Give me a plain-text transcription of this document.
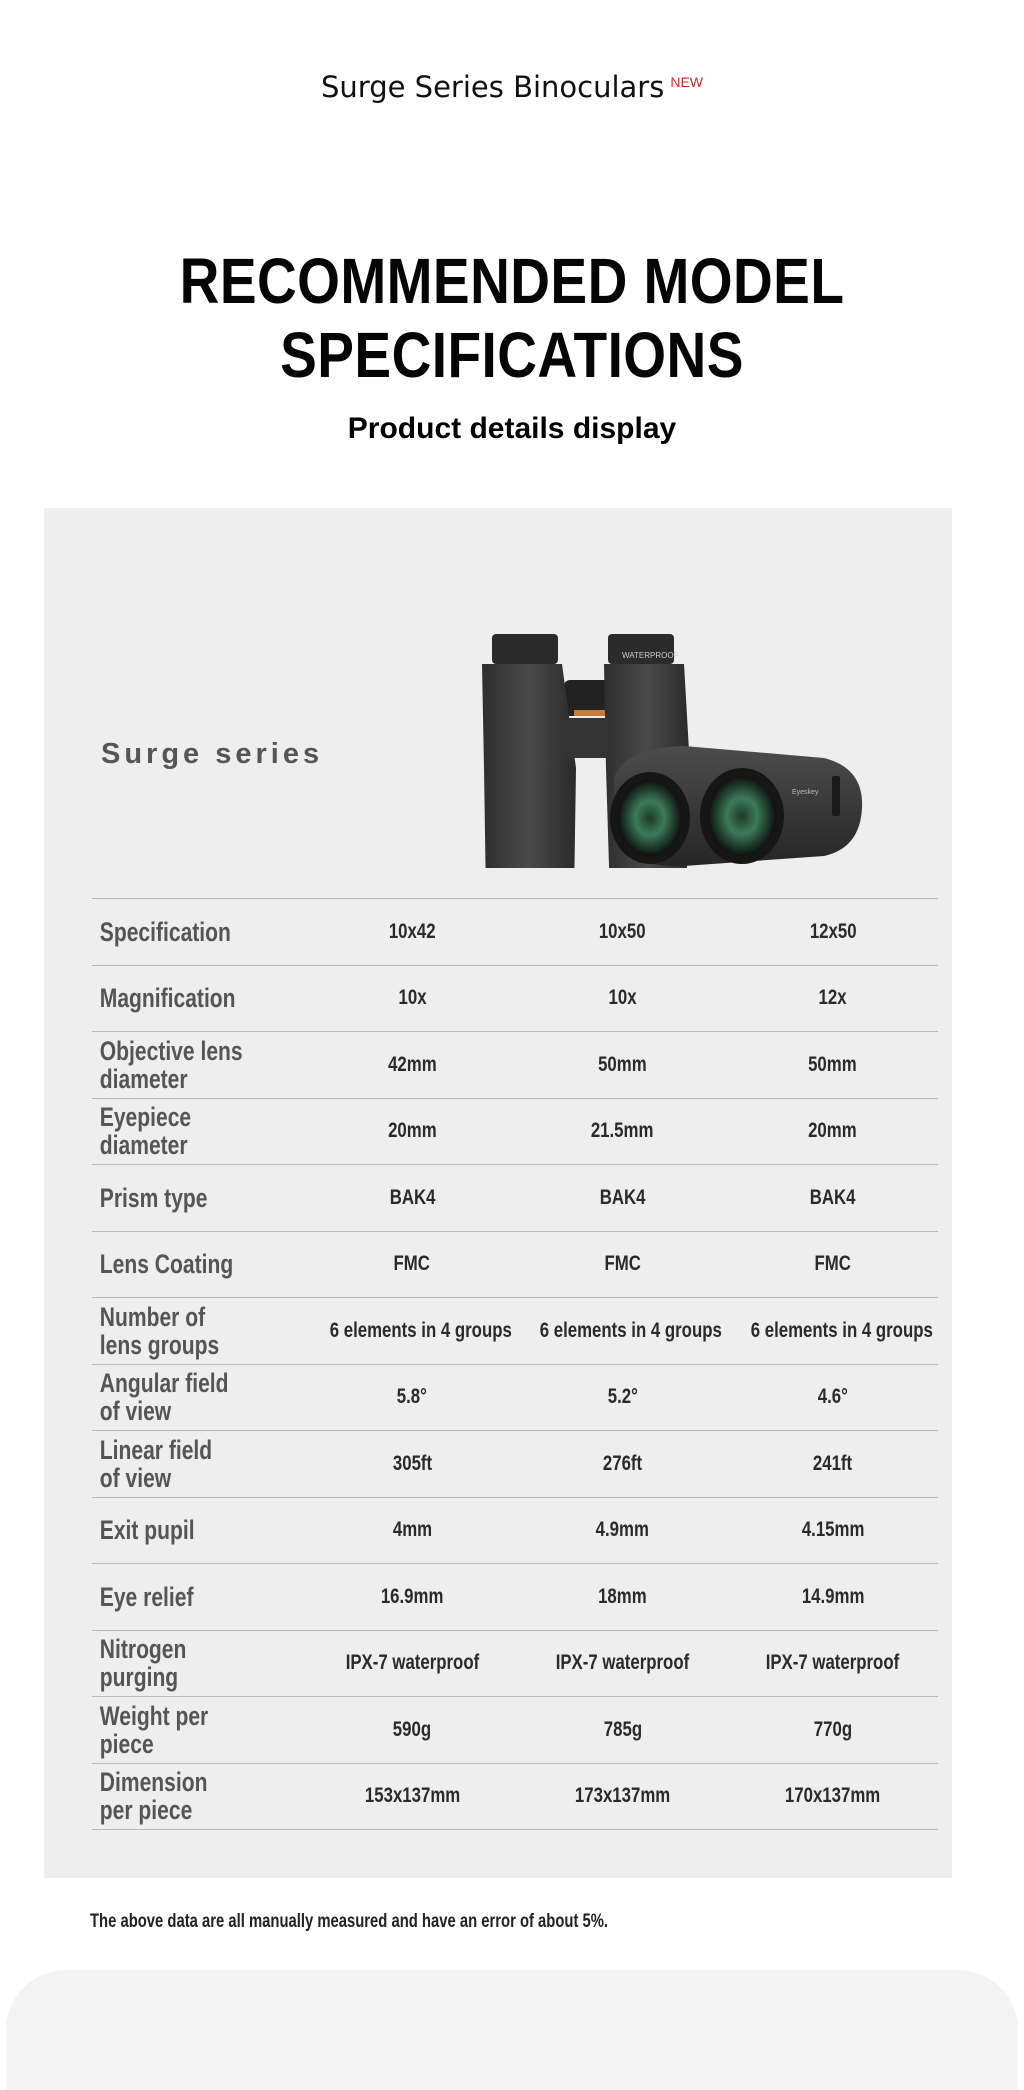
Surge Series Binoculars $^{NEW}$
RECOMMENDED MODEL SPECIFICATIONS
Product details display
Surge series
WATERPROOF
Eyeskey
Specification	10x42	10x50	12x50
Magnification	10x	10x	12x
Objective lens
diameter	42mm	50mm	50mm
Eyepiece diameter	20mm	21.5mm	20mm
Prism type	BAK4	BAK4	BAK4
Lens Coating	FMC	FMC	FMC
Number of
lens groups	6 elements in 4 groups	6 elements in 4 groups	6 elements in 4 groups
Angular field
of view	5.8°	5.2°	4.6°
Linear field
of view	305ft	276ft	241ft
Exit pupil	4mm	4.9mm	4.15mm
Eye relief	16.9mm	18mm	14.9mm
Nitrogen purging	IPX-7 waterproof	IPX-7 waterproof	IPX-7 waterproof
Weight per piece	590g	785g	770g
Dimension
per piece	153x137mm	173x137mm	170x137mm
The above data are all manually measured and have an error of about 5%.
